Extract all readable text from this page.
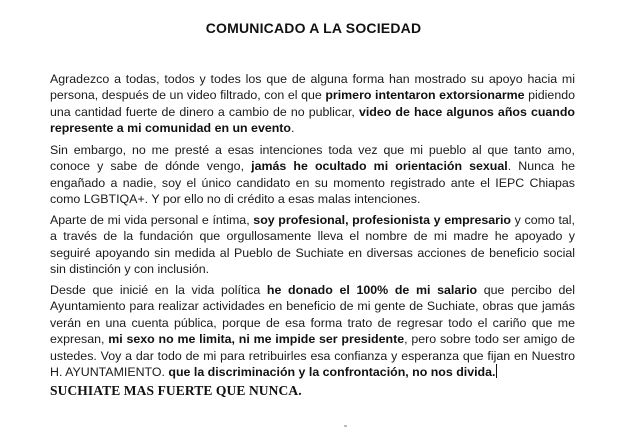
COMUNICADO A LA SOCIEDAD
Agradezco a todas, todos y todes los que de alguna forma han mostrado su apoyo hacia mi persona, después de un video filtrado, con el que primero intentaron extorsionarme pidiendo una cantidad fuerte de dinero a cambio de no publicar, video de hace algunos años cuando represente a mi comunidad en un evento.
Sin embargo, no me presté a esas intenciones toda vez que mi pueblo al que tanto amo, conoce y sabe de dónde vengo, jamás he ocultado mi orientación sexual. Nunca he engañado a nadie, soy el único candidato en su momento registrado ante el IEPC Chiapas como LGBTIQA+. Y por ello no di crédito a esas malas intenciones.
Aparte de mi vida personal e íntima, soy profesional, profesionista y empresario y como tal, a través de la fundación que orgullosamente lleva el nombre de mi madre he apoyado y seguiré apoyando sin medida al Pueblo de Suchiate en diversas acciones de beneficio social sin distinción y con inclusión.
Desde que inicié en la vida política he donado el 100% de mi salario que percibo del Ayuntamiento para realizar actividades en beneficio de mi gente de Suchiate, obras que jamás verán en una cuenta pública, porque de esa forma trato de regresar todo el cariño que me expresan, mi sexo no me limita, ni me impide ser presidente, pero sobre todo ser amigo de ustedes. Voy a dar todo de mi para retribuirles esa confianza y esperanza que fijan en Nuestro H. AYUNTAMIENTO. que la discriminación y la confrontación, no nos divida.
SUCHIATE MAS FUERTE QUE NUNCA.
